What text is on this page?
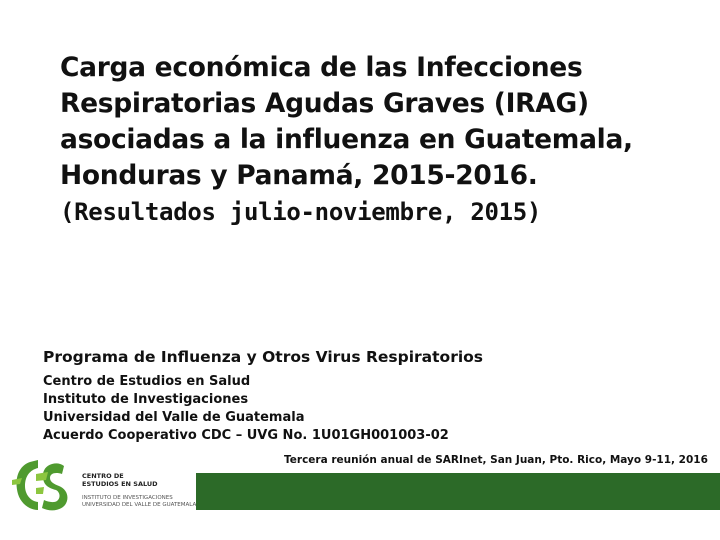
Carga económica de las Infecciones
Respiratorias Agudas Graves (IRAG)
asociadas a la influenza en Guatemala,
Honduras y Panamá, 2015-2016.
(Resultados julio-noviembre, 2015)

Programa de Influenza y Otros Virus Respiratorios

Centro de Estudios en Salud
Instituto de Investigaciones
Universidad del Valle de Guatemala
Acuerdo Cooperativo CDC – UVG No. 1U01GH001003-02
Tercera reunión anual de SARInet, San Juan, Pto. Rico, Mayo 9-11, 2016
CENTRO DE
ESTUDIOS EN SALUD
INSTITUTO DE INVESTIGACIONES
UNIVERSIDAD DEL VALLE DE GUATEMALA
